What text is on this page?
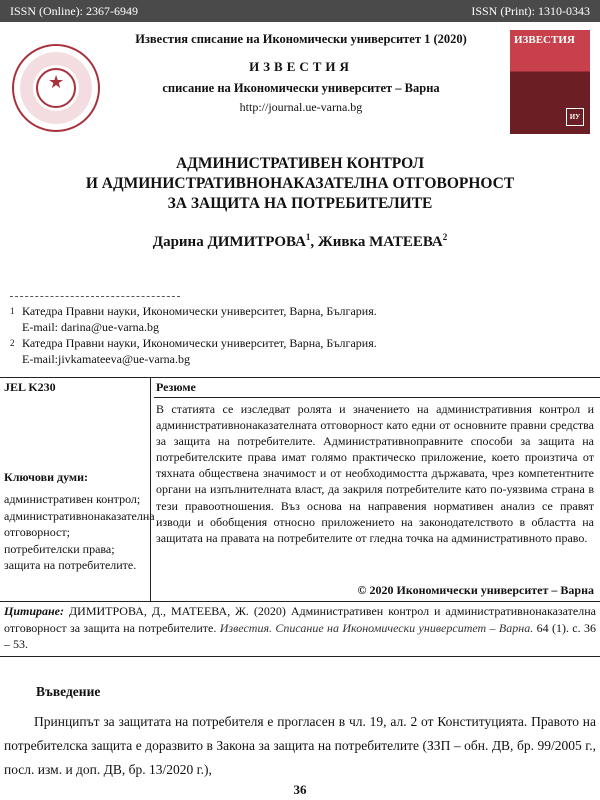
ISSN (Online): 2367-6949	ISSN (Print): 1310-0343
★
Известия списание на Икономически университет 1 (2020)
ИЗВЕСТИЯ
списание на Икономически университет – Варна
http://journal.ue-varna.bg
ИЗВЕСТИЯ
ИУ
АДМИНИСТРАТИВЕН КОНТРОЛ
И АДМИНИСТРАТИВНОНАКАЗАТЕЛНА ОТГОВОРНОСТ
ЗА ЗАЩИТА НА ПОТРЕБИТЕЛИТЕ
Дарина ДИМИТРОВА$^1$, Живка МАТЕЕВА$^2$
1 Катедра Правни науки, Икономически университет, Варна, България.
E-mail: darina@ue-varna.bg
2 Катедра Правни науки, Икономически университет, Варна, България.
E-mail:jivkamateeva@ue-varna.bg
JEL K230	Резюме
В статията се изследват ролята и значението на административния контрол и административнонаказателната отговорност като едни от основните правни средства за защита на потребителите. Административноправните способи за защита на потребителските права имат голямо практическо приложение, което произтича от тяхната обществена значимост и от необходимостта държавата, чрез компетентните органи на изпълнителната власт, да закриля потребителите като по-уязвима страна в тези правоотношения. Въз основа на направения нормативен анализ се правят изводи и обобщения относно приложението на законодателството в областта на защитата на правата на потребителите от гледна точка на административното право.
Ключови думи:
административен контрол; административнонаказателна отговорност; потребителски права; защита на потребителите.
© 2020 Икономически университет – Варна
Цитиране: ДИМИТРОВА, Д., МАТЕЕВА, Ж. (2020) Административен контрол и административнонаказателна отговорност за защита на потребителите. Известия. Списание на Икономически университет – Варна. 64 (1). с. 36 – 53.
Въведение
Принципът за защитата на потребителя е прогласен в чл. 19, ал. 2 от Конституцията. Правото на потребителска защита е доразвито в Закона за защита на потребителите (ЗЗП – обн. ДВ, бр. 99/2005 г., посл. изм. и доп. ДВ, бр. 13/2020 г.),
36
